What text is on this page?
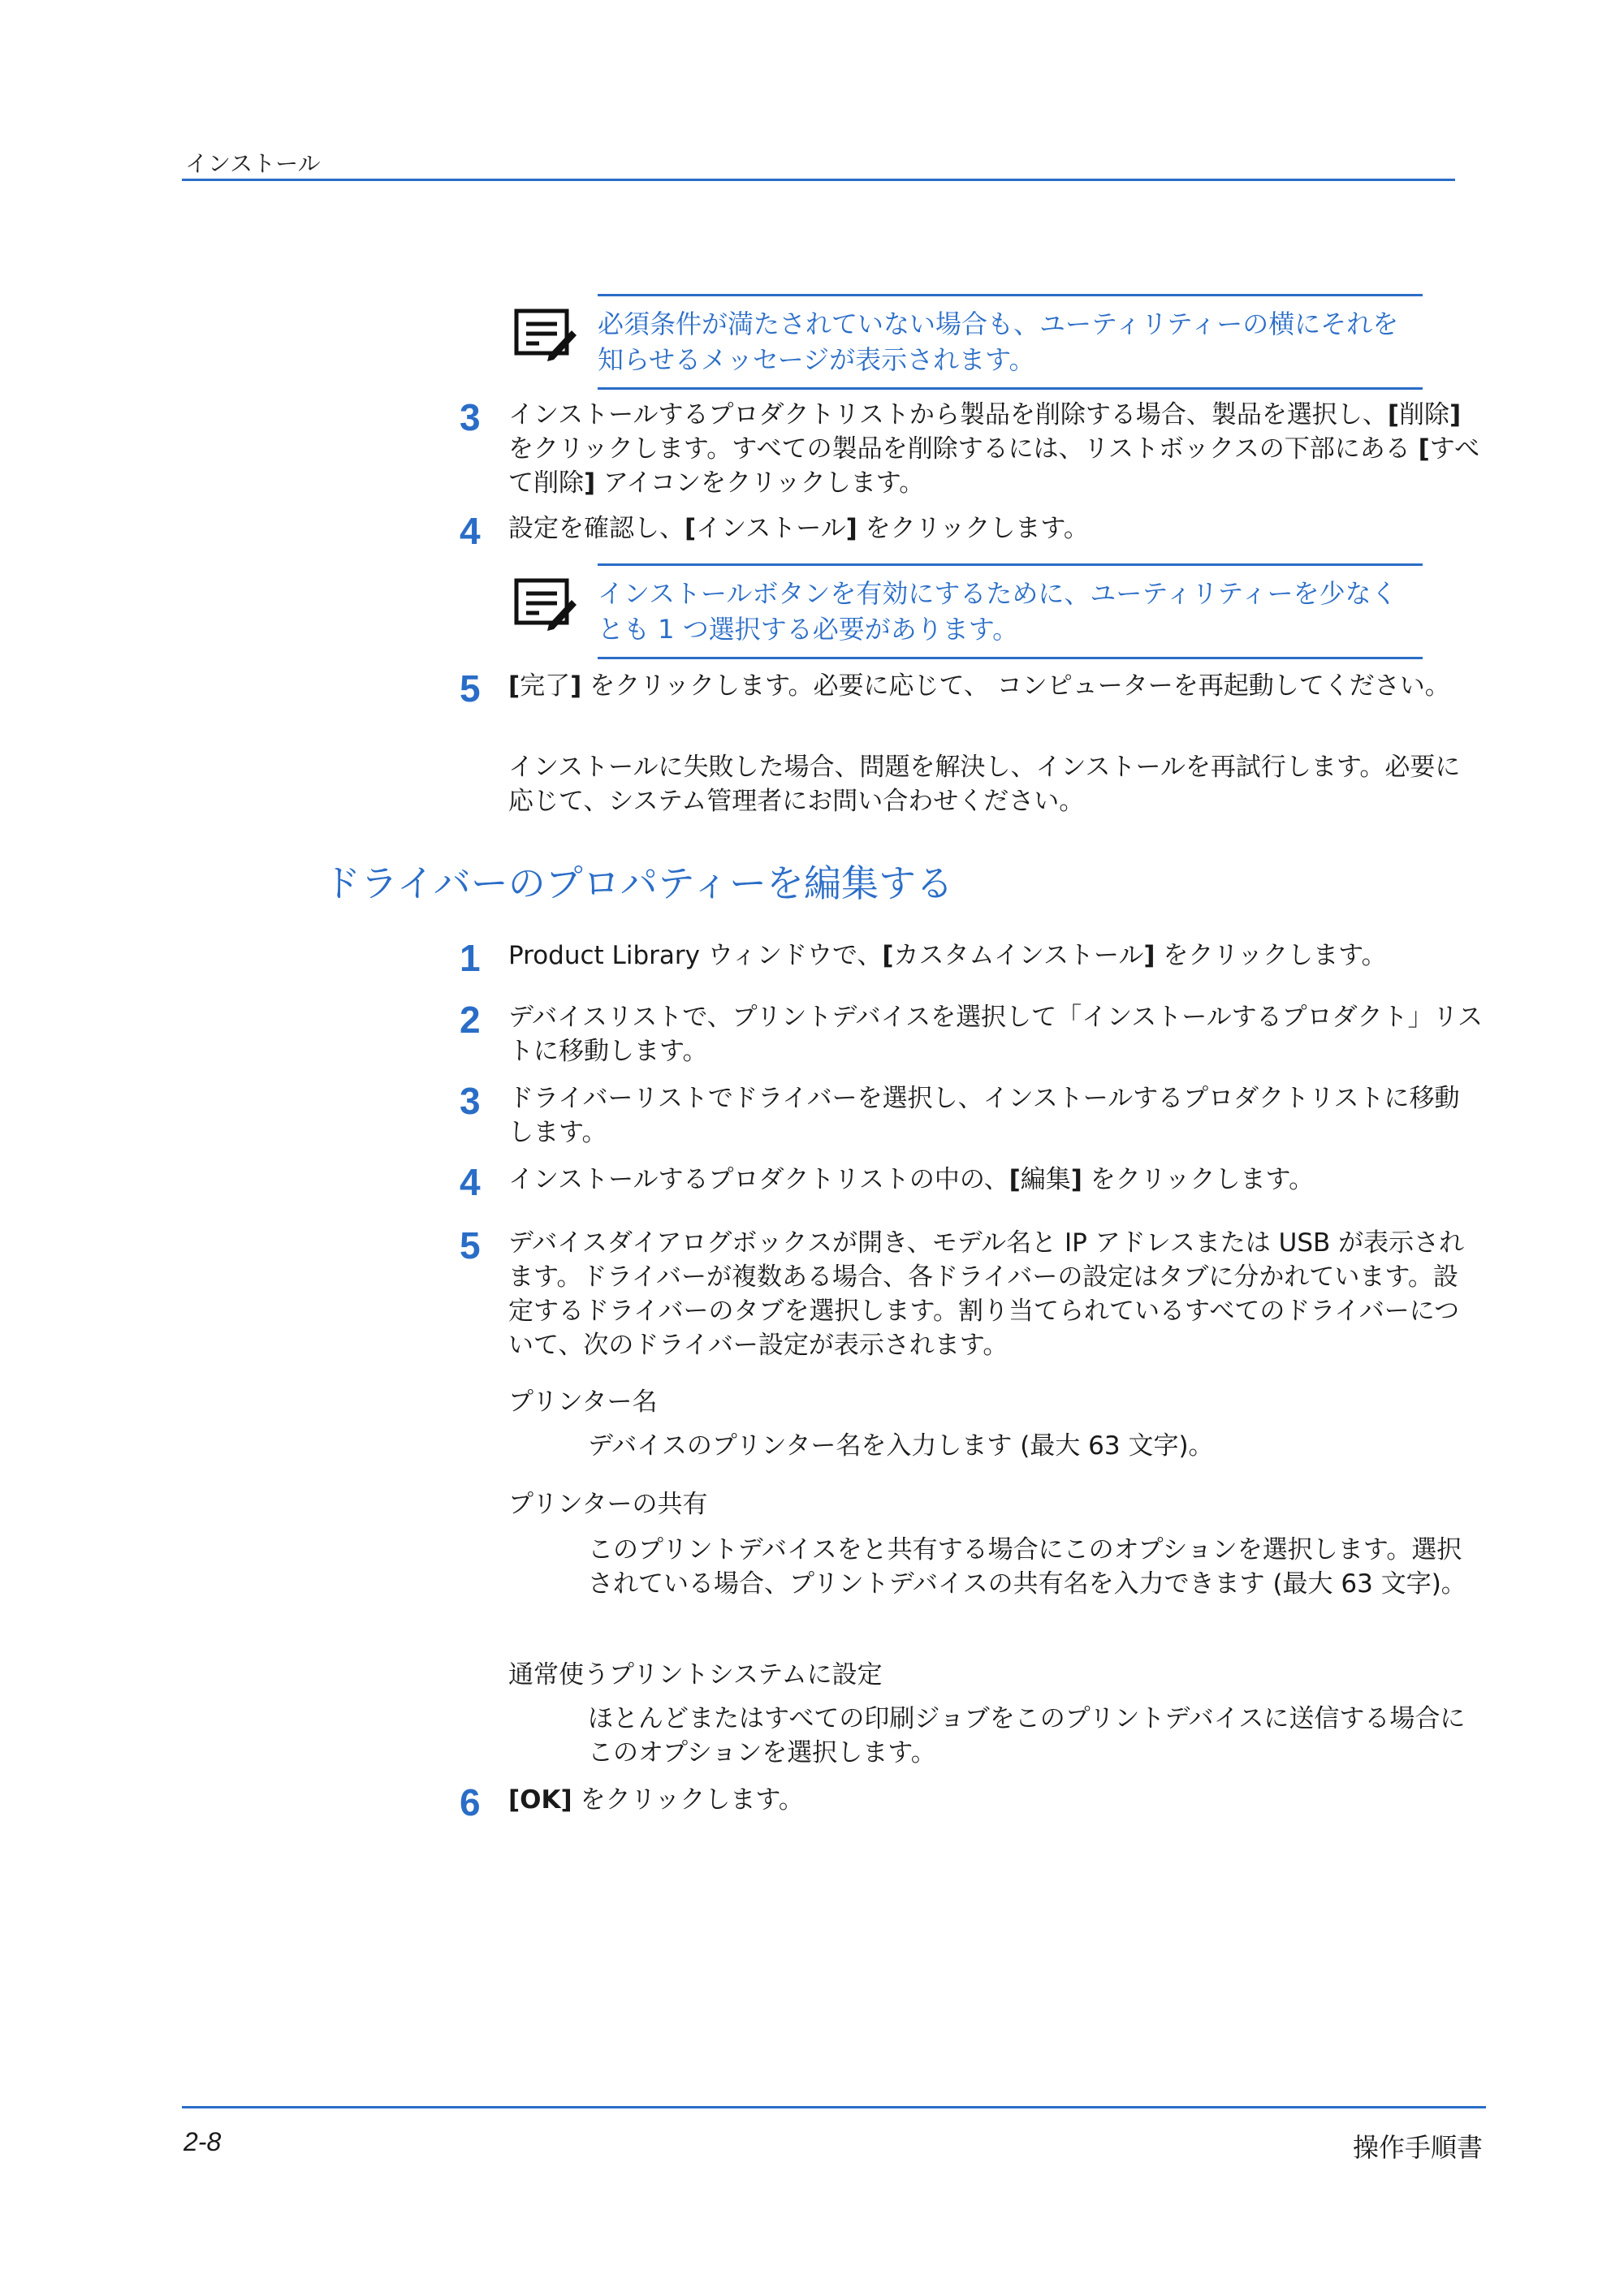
インストール
必須条件が満たされていない場合も、ユーティリティーの横にそれを知らせるメッセージが表示されます。
3	インストールするプロダクトリストから製品を削除する場合、製品を選択し、[削除] をクリックします。すべての製品を削除するには、リストボックスの下部にある [すべて削除] アイコンをクリックします。
4	設定を確認し、[インストール] をクリックします。
インストールボタンを有効にするために、ユーティリティーを少なくとも 1 つ選択する必要があります。
5	[完了] をクリックします。必要に応じて、 コンピューターを再起動してください。
インストールに失敗した場合、問題を解決し、インストールを再試行します。必要に応じて、システム管理者にお問い合わせください。
ドライバーのプロパティーを編集する
1	Product Library ウィンドウで、[カスタムインストール] をクリックします。
2	デバイスリストで、プリントデバイスを選択して「インストールするプロダクト」リストに移動します。
3	ドライバーリストでドライバーを選択し、インストールするプロダクトリストに移動します。
4	インストールするプロダクトリストの中の、[編集] をクリックします。
5	デバイスダイアログボックスが開き、モデル名と IP アドレスまたは USB が表示されます。ドライバーが複数ある場合、各ドライバーの設定はタブに分かれています。設定するドライバーのタブを選択します。割り当てられているすべてのドライバーについて、次のドライバー設定が表示されます。
プリンター名
デバイスのプリンター名を入力します (最大 63 文字)。
プリンターの共有
このプリントデバイスをと共有する場合にこのオプションを選択します。選択されている場合、プリントデバイスの共有名を入力できます (最大 63 文字)。
通常使うプリントシステムに設定
ほとんどまたはすべての印刷ジョブをこのプリントデバイスに送信する場合にこのオプションを選択します。
6	[OK] をクリックします。
2-8	操作手順書
